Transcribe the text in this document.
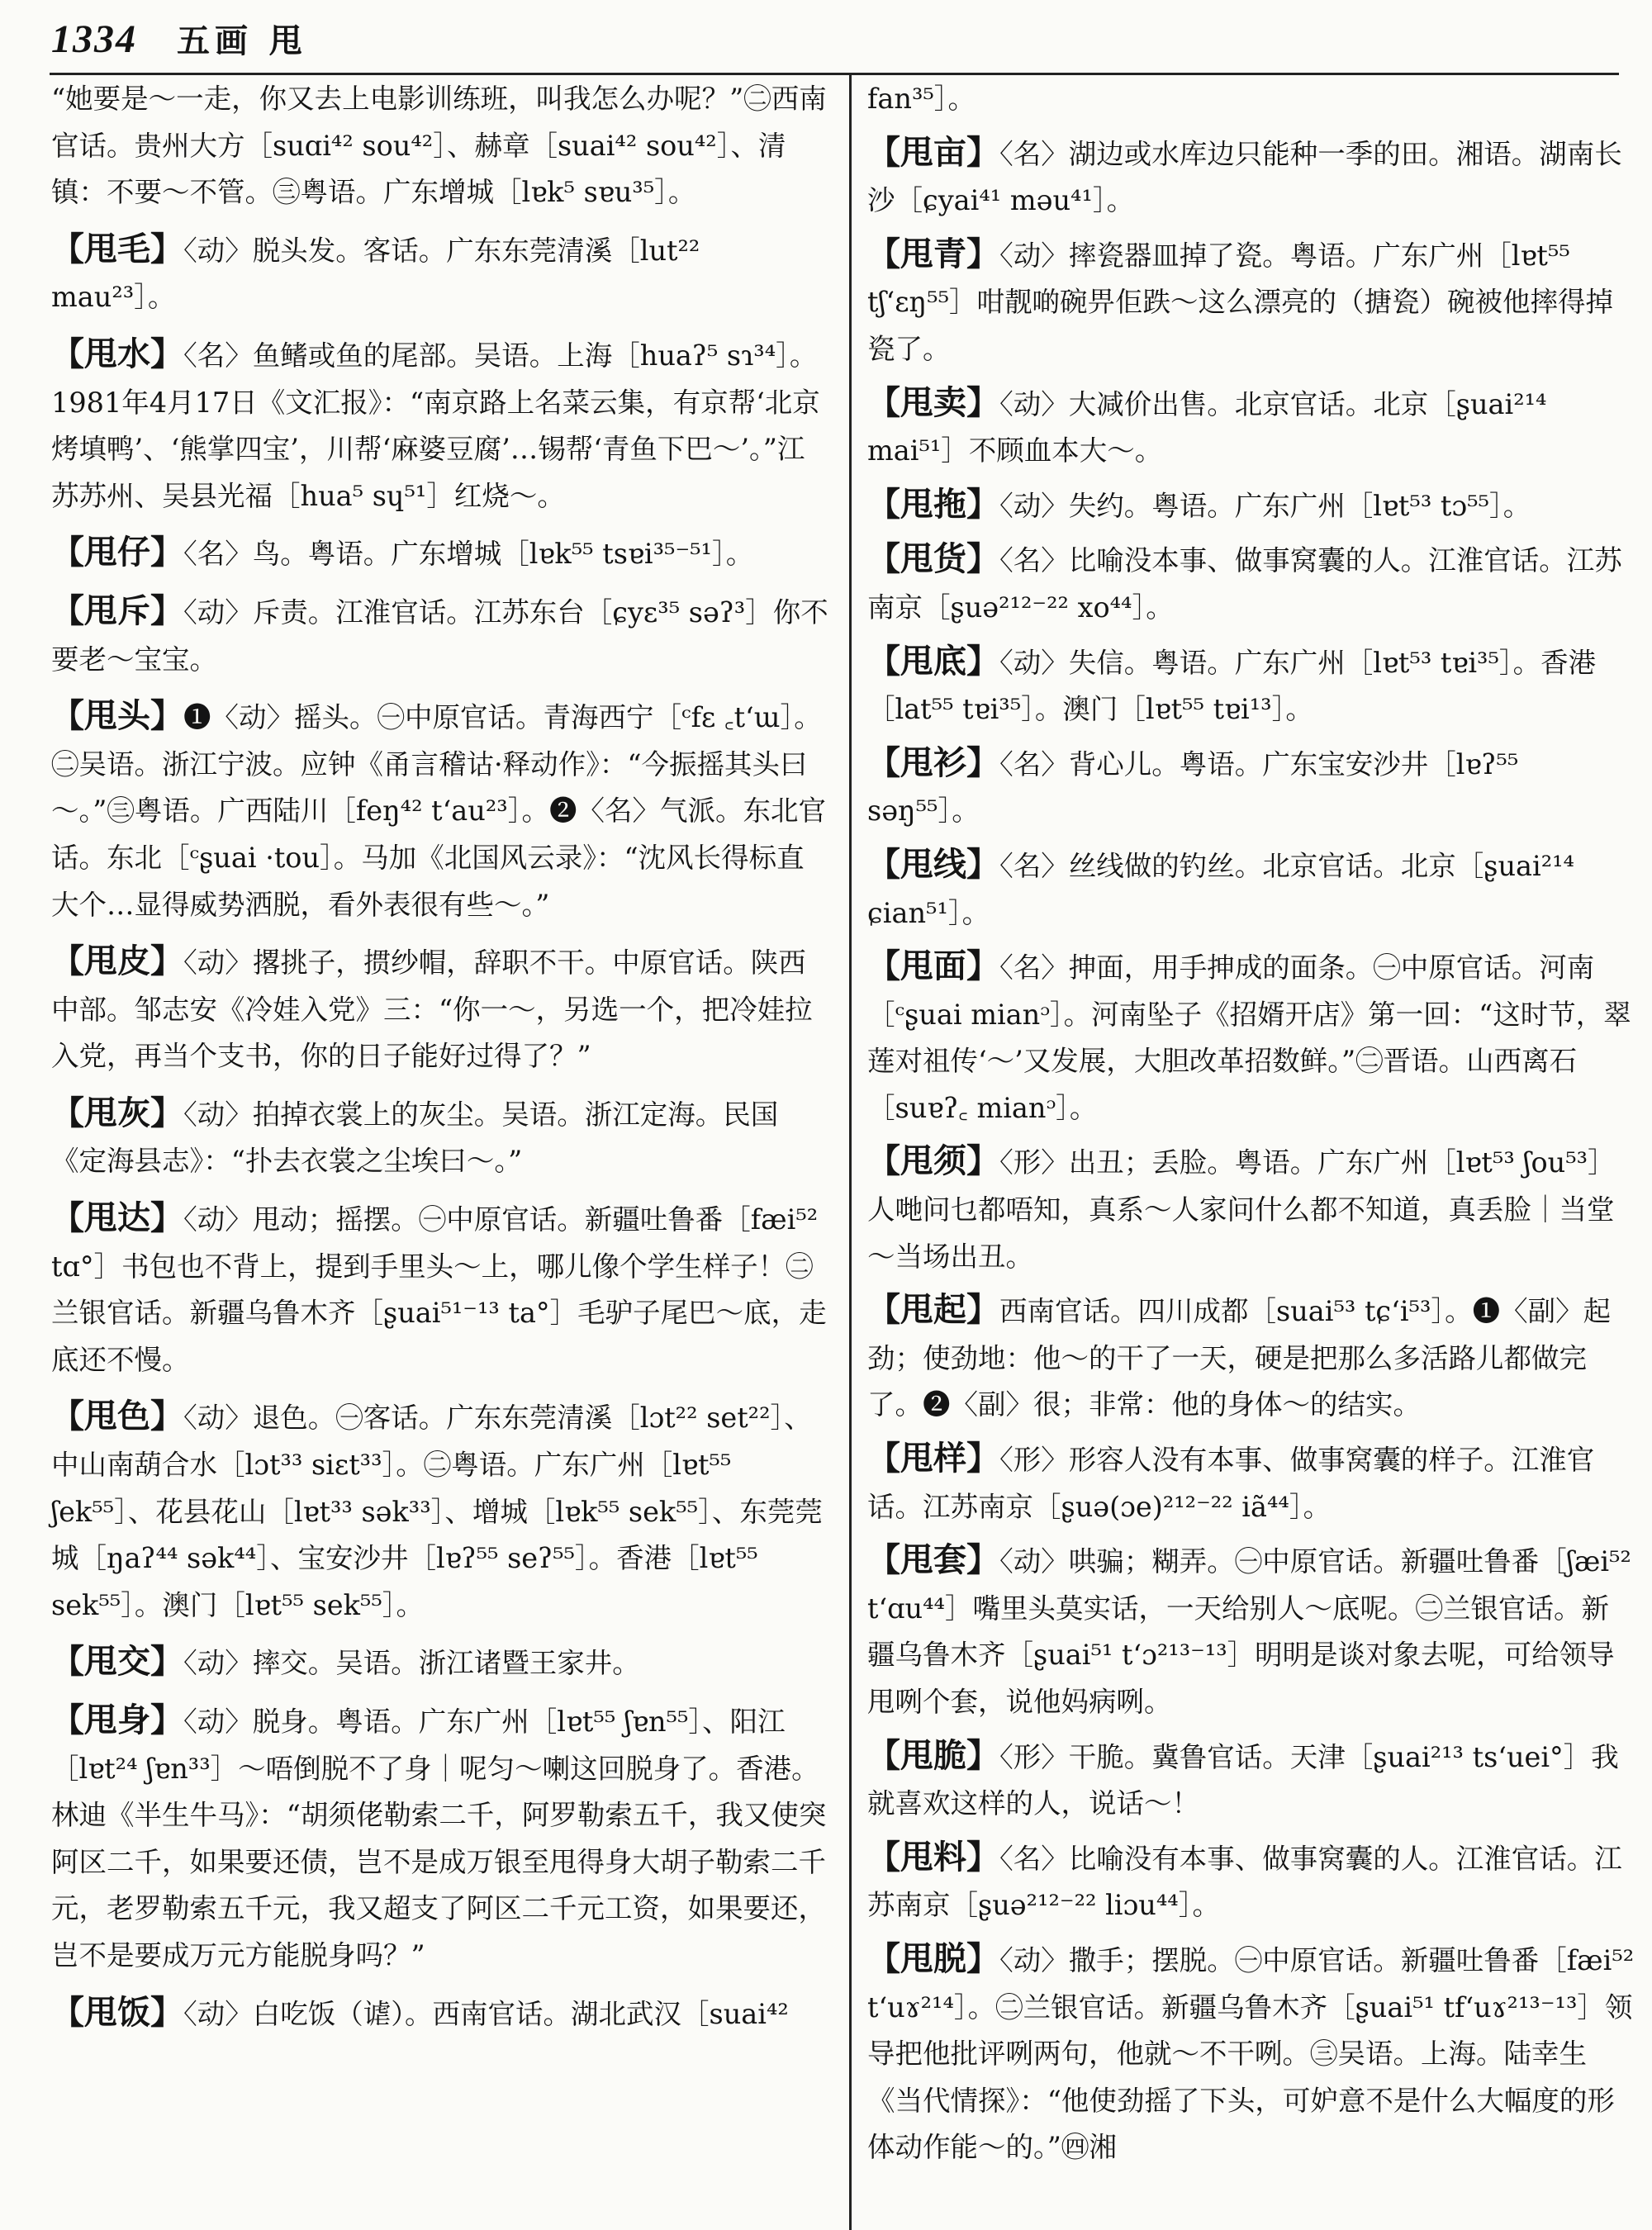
1334 五画 甩

“她要是～一走，你又去上电影训练班，叫我怎么办呢？”㊁西南官话。贵州大方［suɑi⁴² sou⁴²］、赫章［suai⁴² sou⁴²］、清镇：不要～不管。㊂粤语。广东增城［lɐk⁵ sɐu³⁵］。

【甩毛】〈动〉脱头发。客话。广东东莞清溪［lut²² mau²³］。

【甩水】〈名〉鱼鳍或鱼的尾部。吴语。上海［huaʔ⁵ sɿ³⁴］。1981年4月17日《文汇报》：“南京路上名菜云集，有京帮‘北京烤填鸭’、‘熊掌四宝’，川帮‘麻婆豆腐’…锡帮‘青鱼下巴～’。”江苏苏州、吴县光福［hua⁵ sɥ⁵¹］红烧～。

【甩仔】〈名〉鸟。粤语。广东增城［lɐk⁵⁵ tsɐi³⁵⁻⁵¹］。

【甩斥】〈动〉斥责。江淮官话。江苏东台［ɕyɛ³⁵ səʔ³］你不要老～宝宝。

【甩头】❶〈动〉摇头。㊀中原官话。青海西宁［ᶜfɛ ꜀tʻɯ］。㊁吴语。浙江宁波。应钟《甬言稽诂·释动作》：“今振摇其头曰～。”㊂粤语。广西陆川［feŋ⁴² tʻau²³］。❷〈名〉气派。东北官话。东北［ᶜʂuai ·tou］。马加《北国风云录》：“沈风长得标直大个…显得威势洒脱，看外表很有些～。”

【甩皮】〈动〉撂挑子，掼纱帽，辞职不干。中原官话。陕西中部。邹志安《冷娃入党》三：“你一～，另选一个，把冷娃拉入党，再当个支书，你的日子能好过得了？”

【甩灰】〈动〉拍掉衣裳上的灰尘。吴语。浙江定海。民国《定海县志》：“扑去衣裳之尘埃曰～。”

【甩达】〈动〉甩动；摇摆。㊀中原官话。新疆吐鲁番［fæi⁵² tɑ°］书包也不背上，提到手里头～上，哪儿像个学生样子！㊁兰银官话。新疆乌鲁木齐［ʂuai⁵¹⁻¹³ ta°］毛驴子尾巴～底，走底还不慢。

【甩色】〈动〉退色。㊀客话。广东东莞清溪［lɔt²² set²²］、中山南葫合水［lɔt³³ siɛt³³］。㊁粤语。广东广州［lɐt⁵⁵ ʃek⁵⁵］、花县花山［lɐt³³ sək³³］、增城［lɐk⁵⁵ sek⁵⁵］、东莞莞城［ŋaʔ⁴⁴ sək⁴⁴］、宝安沙井［lɐʔ⁵⁵ seʔ⁵⁵］。香港［lɐt⁵⁵ sek⁵⁵］。澳门［lɐt⁵⁵ sek⁵⁵］。

【甩交】〈动〉摔交。吴语。浙江诸暨王家井。

【甩身】〈动〉脱身。粤语。广东广州［lɐt⁵⁵ ʃɐn⁵⁵］、阳江［lɐt²⁴ ʃɐn³³］～唔倒脱不了身｜呢匀～喇这回脱身了。香港。林迪《半生牛马》：“胡须佬勒索二千，阿罗勒索五千，我又使突阿区二千，如果要还债，岂不是成万银至甩得身大胡子勒索二千元，老罗勒索五千元，我又超支了阿区二千元工资，如果要还，岂不是要成万元方能脱身吗？”

【甩饭】〈动〉白吃饭（谑）。西南官话。湖北武汉［suai⁴²

fan³⁵］。

【甩亩】〈名〉湖边或水库边只能种一季的田。湘语。湖南长沙［ɕyai⁴¹ məu⁴¹］。

【甩青】〈动〉摔瓷器皿掉了瓷。粤语。广东广州［lɐt⁵⁵ tʃʻɛŋ⁵⁵］咁靓啲碗畀佢跌～这么漂亮的（搪瓷）碗被他摔得掉瓷了。

【甩卖】〈动〉大减价出售。北京官话。北京［ʂuai²¹⁴ mai⁵¹］不顾血本大～。

【甩拖】〈动〉失约。粤语。广东广州［lɐt⁵³ tɔ⁵⁵］。

【甩货】〈名〉比喻没本事、做事窝囊的人。江淮官话。江苏南京［ʂuə²¹²⁻²² xo⁴⁴］。

【甩底】〈动〉失信。粤语。广东广州［lɐt⁵³ tɐi³⁵］。香港［lat⁵⁵ tɐi³⁵］。澳门［lɐt⁵⁵ tɐi¹³］。

【甩衫】〈名〉背心儿。粤语。广东宝安沙井［lɐʔ⁵⁵ səŋ⁵⁵］。

【甩线】〈名〉丝线做的钓丝。北京官话。北京［ʂuai²¹⁴ ɕian⁵¹］。

【甩面】〈名〉抻面，用手抻成的面条。㊀中原官话。河南［ᶜʂuai mianᵓ］。河南坠子《招婿开店》第一回：“这时节，翠莲对祖传‘～’又发展，大胆改革招数鲜。”㊁晋语。山西离石［suɐʔ꜀ mianᵓ］。

【甩须】〈形〉出丑；丢脸。粤语。广东广州［lɐt⁵³ ʃou⁵³］人哋问乜都唔知，真系～人家问什么都不知道，真丢脸｜当堂～当场出丑。

【甩起】西南官话。四川成都［suai⁵³ tɕʻi⁵³］。❶〈副〉起劲；使劲地：他～的干了一天，硬是把那么多活路儿都做完了。❷〈副〉很；非常：他的身体～的结实。

【甩样】〈形〉形容人没有本事、做事窝囊的样子。江淮官话。江苏南京［ʂuə(ɔe)²¹²⁻²² iã⁴⁴］。

【甩套】〈动〉哄骗；糊弄。㊀中原官话。新疆吐鲁番［ʃæi⁵² tʻɑu⁴⁴］嘴里头莫实话，一天给别人～底呢。㊁兰银官话。新疆乌鲁木齐［ʂuai⁵¹ tʻɔ²¹³⁻¹³］明明是谈对象去呢，可给领导甩咧个套，说他妈病咧。

【甩脆】〈形〉干脆。冀鲁官话。天津［ʂuai²¹³ tsʻuei°］我就喜欢这样的人，说话～！

【甩料】〈名〉比喻没有本事、做事窝囊的人。江淮官话。江苏南京［ʂuə²¹²⁻²² liɔu⁴⁴］。

【甩脱】〈动〉撒手；摆脱。㊀中原官话。新疆吐鲁番［fæi⁵² tʻuɤ²¹⁴］。㊁兰银官话。新疆乌鲁木齐［ʂuai⁵¹ tfʻuɤ²¹³⁻¹³］领导把他批评咧两句，他就～不干咧。㊂吴语。上海。陆幸生《当代情探》：“他使劲摇了下头，可妒意不是什么大幅度的形体动作能～的。”㊃湘
